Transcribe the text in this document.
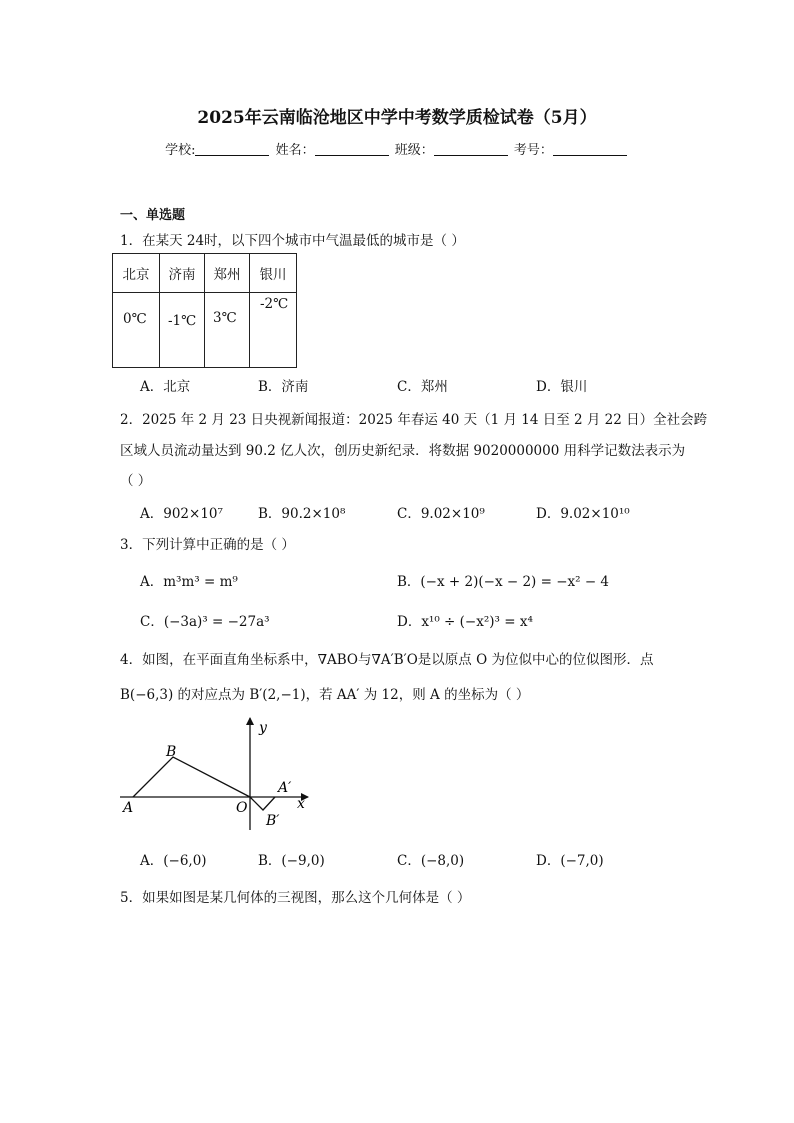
2025年云南临沧地区中学中考数学质检试卷（5月）
学校:	姓名：	班级：	考号：
一、单选题
1．在某天 24时，以下四个城市中气温最低的城市是（ ）
北京	济南	郑州	银川

0℃	-1℃	3℃	-2℃
A．北京	B．济南	C．郑州	D．银川
2．2025 年 2 月 23 日央视新闻报道：2025 年春运 40 天（1 月 14 日至 2 月 22 日）全社会跨
区域人员流动量达到 90.2 亿人次，创历史新纪录．将数据 9020000000 用科学记数法表示为
（ ）
A．902×10⁷	B．90.2×10⁸	C．9.02×10⁹	D．9.02×10¹⁰
3．下列计算中正确的是（ ）
A．m³m³ = m⁹	B．(−x + 2)(−x − 2) = −x² − 4
C．(−3a)³ = −27a³	D．x¹⁰ ÷ (−x²)³ = x⁴
4．如图，在平面直角坐标系中，∇ABO与∇A′B′O是以原点 O 为位似中心的位似图形．点
B(−6,3) 的对应点为 B′(2,−1)，若 AA′ 为 12，则 A 的坐标为（ ）
y
x
O
A
B
A′
B′
A．(−6,0)	B．(−9,0)	C．(−8,0)	D．(−7,0)
5．如果如图是某几何体的三视图，那么这个几何体是（ ）
